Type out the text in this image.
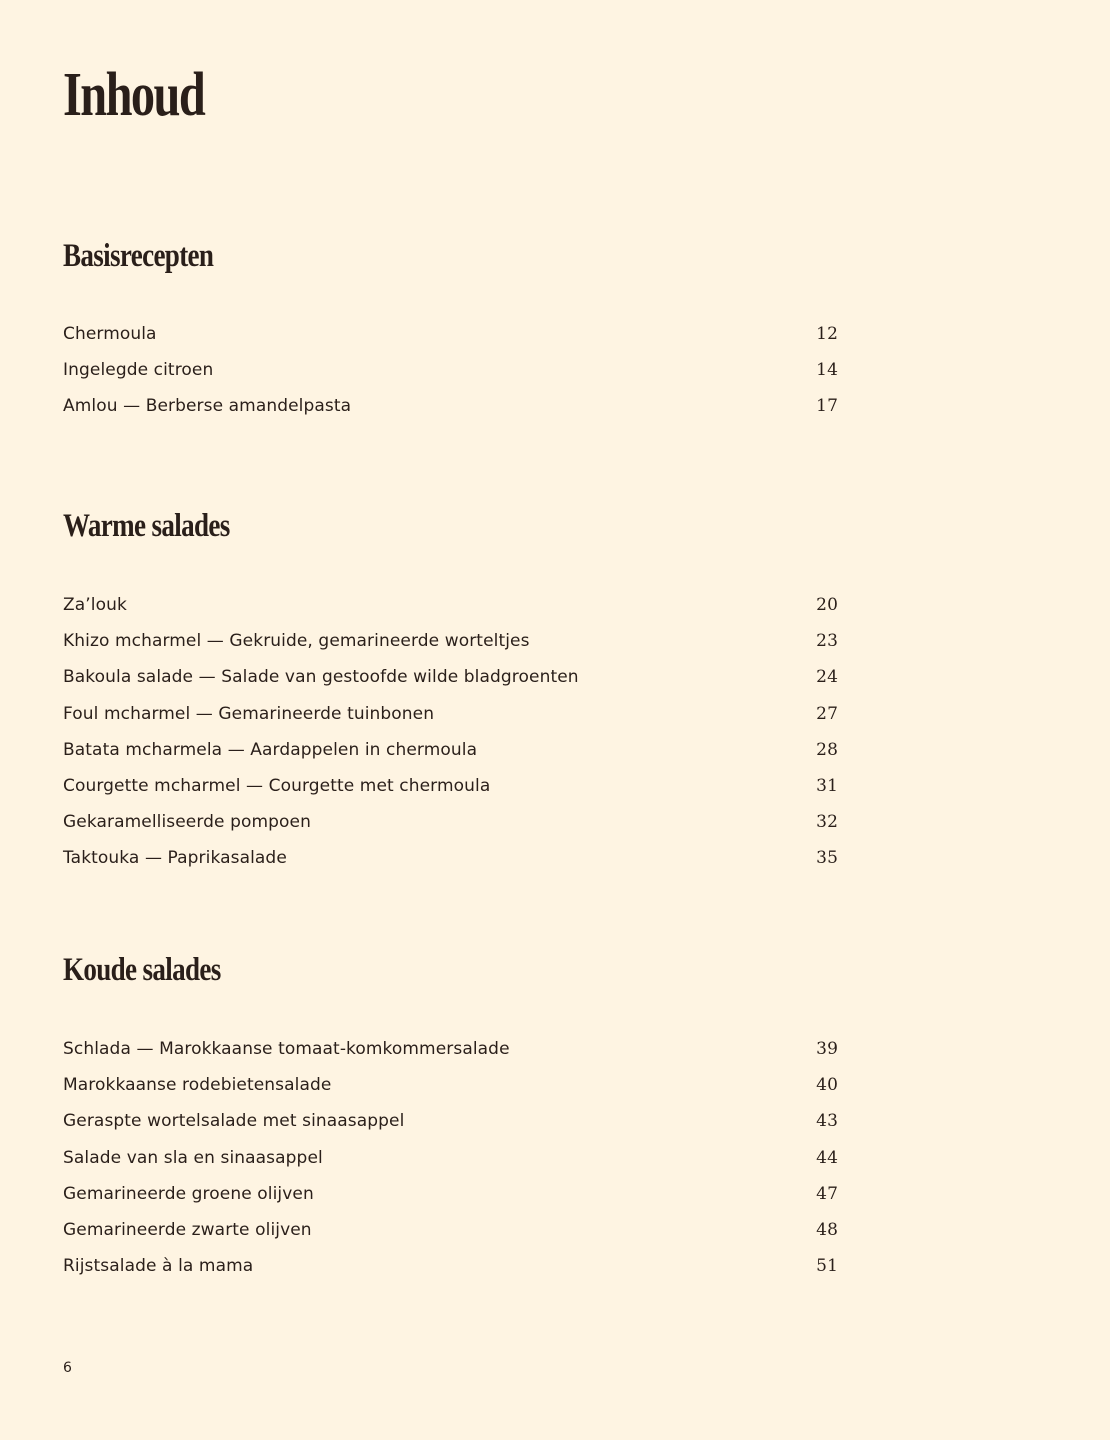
Inhoud
Basisrecepten
Chermoula	12
Ingelegde citroen	14
Amlou — Berberse amandelpasta	17
Warme salades
Za’louk	20
Khizo mcharmel — Gekruide, gemarineerde worteltjes	23
Bakoula salade — Salade van gestoofde wilde bladgroenten	24
Foul mcharmel — Gemarineerde tuinbonen	27
Batata mcharmela — Aardappelen in chermoula	28
Courgette mcharmel — Courgette met chermoula	31
Gekaramelliseerde pompoen	32
Taktouka — Paprikasalade	35
Koude salades
Schlada — Marokkaanse tomaat-komkommersalade	39
Marokkaanse rodebietensalade	40
Geraspte wortelsalade met sinaasappel	43
Salade van sla en sinaasappel	44
Gemarineerde groene olijven	47
Gemarineerde zwarte olijven	48
Rijstsalade à la mama	51
6
